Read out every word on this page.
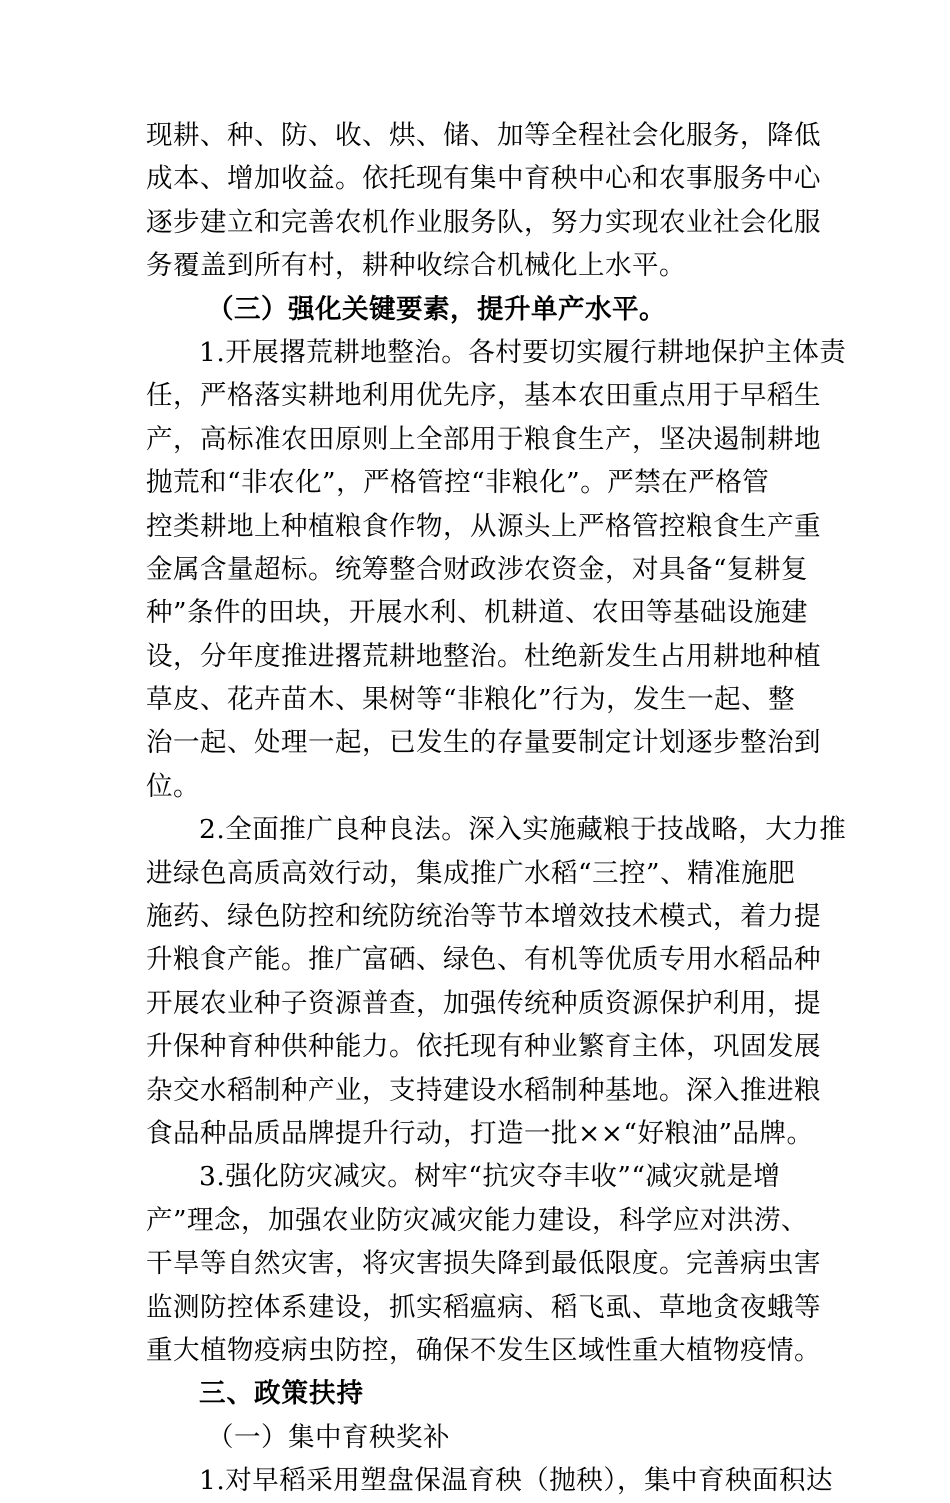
现耕、种、防、收、烘、储、加等全程社会化服务，降低
成本、增加收益。依托现有集中育秧中心和农事服务中心
逐步建立和完善农机作业服务队，努力实现农业社会化服
务覆盖到所有村，耕种收综合机械化上水平。
（三）强化关键要素，提升单产水平。
1.开展撂荒耕地整治。各村要切实履行耕地保护主体责
任，严格落实耕地利用优先序，基本农田重点用于早稻生
产，高标准农田原则上全部用于粮食生产，坚决遏制耕地
抛荒和“非农化”，严格管控“非粮化”。严禁在严格管
控类耕地上种植粮食作物，从源头上严格管控粮食生产重
金属含量超标。统筹整合财政涉农资金，对具备“复耕复
种”条件的田块，开展水利、机耕道、农田等基础设施建
设，分年度推进撂荒耕地整治。杜绝新发生占用耕地种植
草皮、花卉苗木、果树等“非粮化”行为，发生一起、整
治一起、处理一起，已发生的存量要制定计划逐步整治到
位。
2.全面推广良种良法。深入实施藏粮于技战略，大力推
进绿色高质高效行动，集成推广水稻“三控”、精准施肥
施药、绿色防控和统防统治等节本增效技术模式，着力提
升粮食产能。推广富硒、绿色、有机等优质专用水稻品种
开展农业种子资源普查，加强传统种质资源保护利用，提
升保种育种供种能力。依托现有种业繁育主体，巩固发展
杂交水稻制种产业，支持建设水稻制种基地。深入推进粮
食品种品质品牌提升行动，打造一批××“好粮油”品牌。
3.强化防灾减灾。树牢“抗灾夺丰收”“减灾就是增
产”理念，加强农业防灾减灾能力建设，科学应对洪涝、
干旱等自然灾害，将灾害损失降到最低限度。完善病虫害
监测防控体系建设，抓实稻瘟病、稻飞虱、草地贪夜蛾等
重大植物疫病虫防控，确保不发生区域性重大植物疫情。
三、政策扶持
（一）集中育秧奖补
1.对早稻采用塑盘保温育秧（抛秧），集中育秧面积达
